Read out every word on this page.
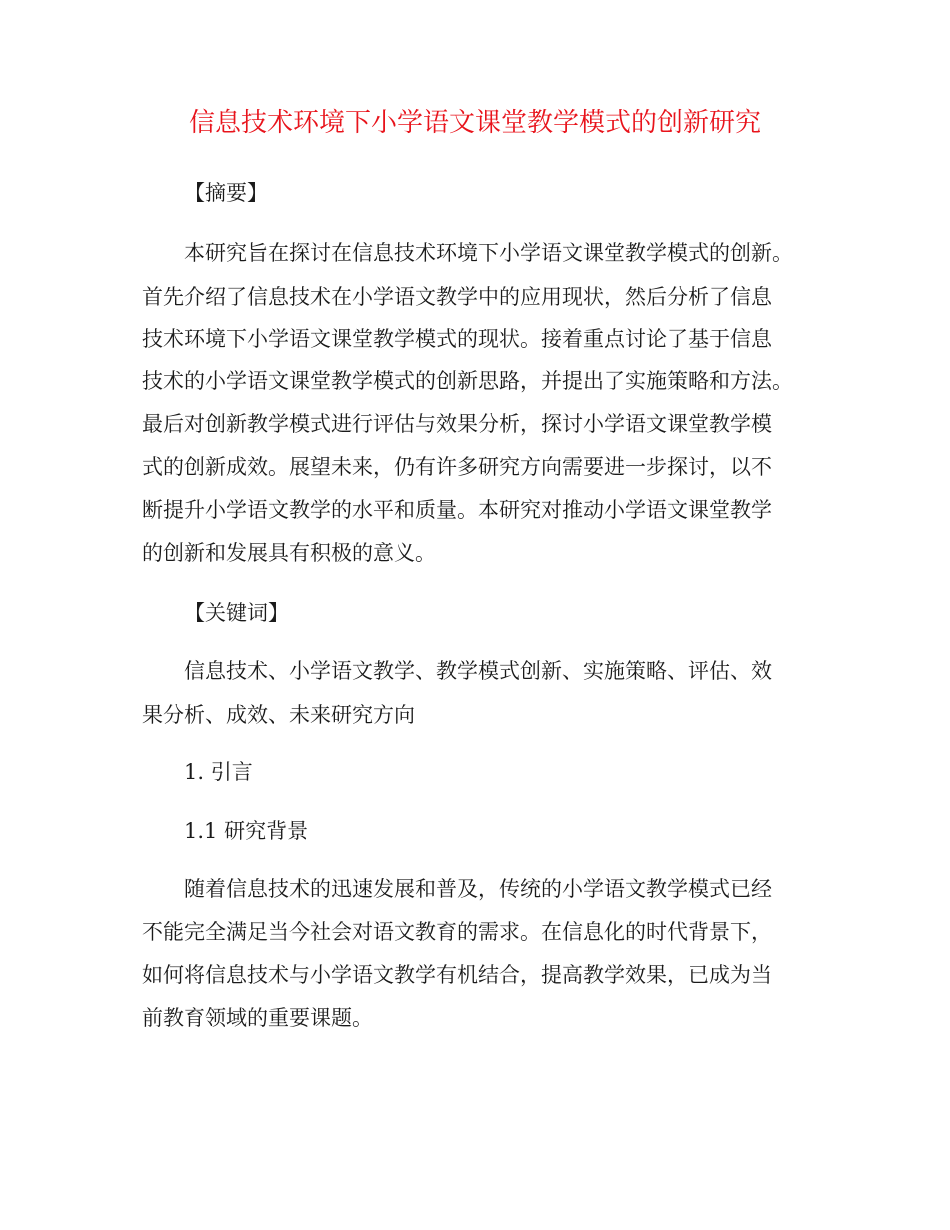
信息技术环境下小学语文课堂教学模式的创新研究

【摘要】

本研究旨在探讨在信息技术环境下小学语文课堂教学模式的创新。

首先介绍了信息技术在小学语文教学中的应用现状，然后分析了信息

技术环境下小学语文课堂教学模式的现状。接着重点讨论了基于信息

技术的小学语文课堂教学模式的创新思路，并提出了实施策略和方法。

最后对创新教学模式进行评估与效果分析，探讨小学语文课堂教学模

式的创新成效。展望未来，仍有许多研究方向需要进一步探讨，以不

断提升小学语文教学的水平和质量。本研究对推动小学语文课堂教学

的创新和发展具有积极的意义。

【关键词】

信息技术、小学语文教学、教学模式创新、实施策略、评估、效

果分析、成效、未来研究方向

1. 引言

1.1 研究背景

随着信息技术的迅速发展和普及，传统的小学语文教学模式已经

不能完全满足当今社会对语文教育的需求。在信息化的时代背景下，

如何将信息技术与小学语文教学有机结合，提高教学效果，已成为当

前教育领域的重要课题。
